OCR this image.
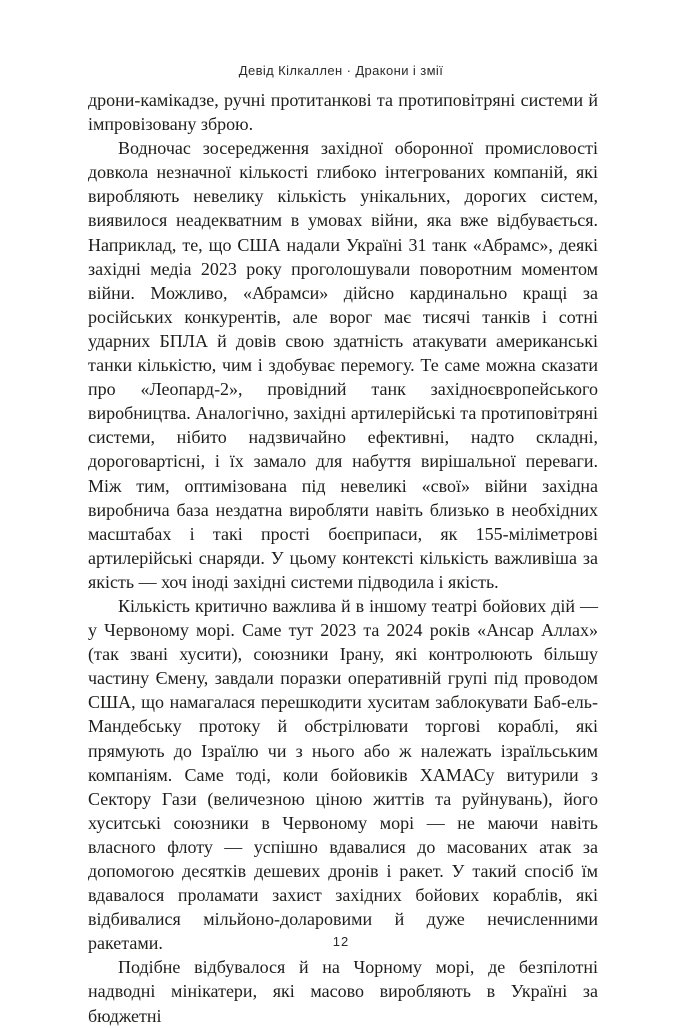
Девід Кілкаллен · Дракони і змії

дрони-камікадзе, ручні протитанкові та протиповітряні системи й імпровізовану зброю.

Водночас зосередження західної оборонної промисловості довкола незначної кількості глибоко інтегрованих компаній, які виробляють невелику кількість унікальних, дорогих систем, виявилося неадекватним в умовах війни, яка вже відбувається. Наприклад, те, що США надали Україні 31 танк «Абрамс», деякі західні медіа 2023 року проголошували поворотним моментом війни. Можливо, «Абрамси» дійсно кардинально кращі за російських конкурентів, але ворог має тисячі танків і сотні ударних БПЛА й довів свою здатність атакувати американські танки кількістю, чим і здобуває перемогу. Те саме можна сказати про «Леопард-2», провідний танк західноєвропейського виробництва. Аналогічно, західні артилерійські та протиповітряні системи, нібито надзвичайно ефективні, надто складні, дороговартісні, і їх замало для набуття вирішальної переваги. Між тим, оптимізована під невеликі «свої» війни західна виробнича база нездатна виробляти навіть близько в необхідних масштабах і такі прості боєприпаси, як 155-міліметрові артилерійські снаряди. У цьому контексті кількість важливіша за якість — хоч іноді західні системи підводила і якість.

Кількість критично важлива й в іншому театрі бойових дій — у Червоному морі. Саме тут 2023 та 2024 років «Ансар Аллах» (так звані хусити), союзники Ірану, які контролюють більшу частину Ємену, завдали поразки оперативній групі під проводом США, що намагалася перешкодити хуситам заблокувати Баб-ель-Мандебську протоку й обстрілювати торгові кораблі, які прямують до Ізраїлю чи з нього або ж належать ізраїльським компаніям. Саме тоді, коли бойовиків ХАМАСу витурили з Сектору Гази (величезною ціною життів та руйнувань), його хуситські союзники в Червоному морі — не маючи навіть власного флоту — успішно вдавалися до масованих атак за допомогою десятків дешевих дронів і ракет. У такий спосіб їм вдавалося проламати захист західних бойових кораблів, які відбивалися мільйоно-доларовими й дуже нечисленними ракетами.

Подібне відбувалося й на Чорному морі, де безпілотні надводні мінікатери, які масово виробляють в Україні за бюджетні

12
